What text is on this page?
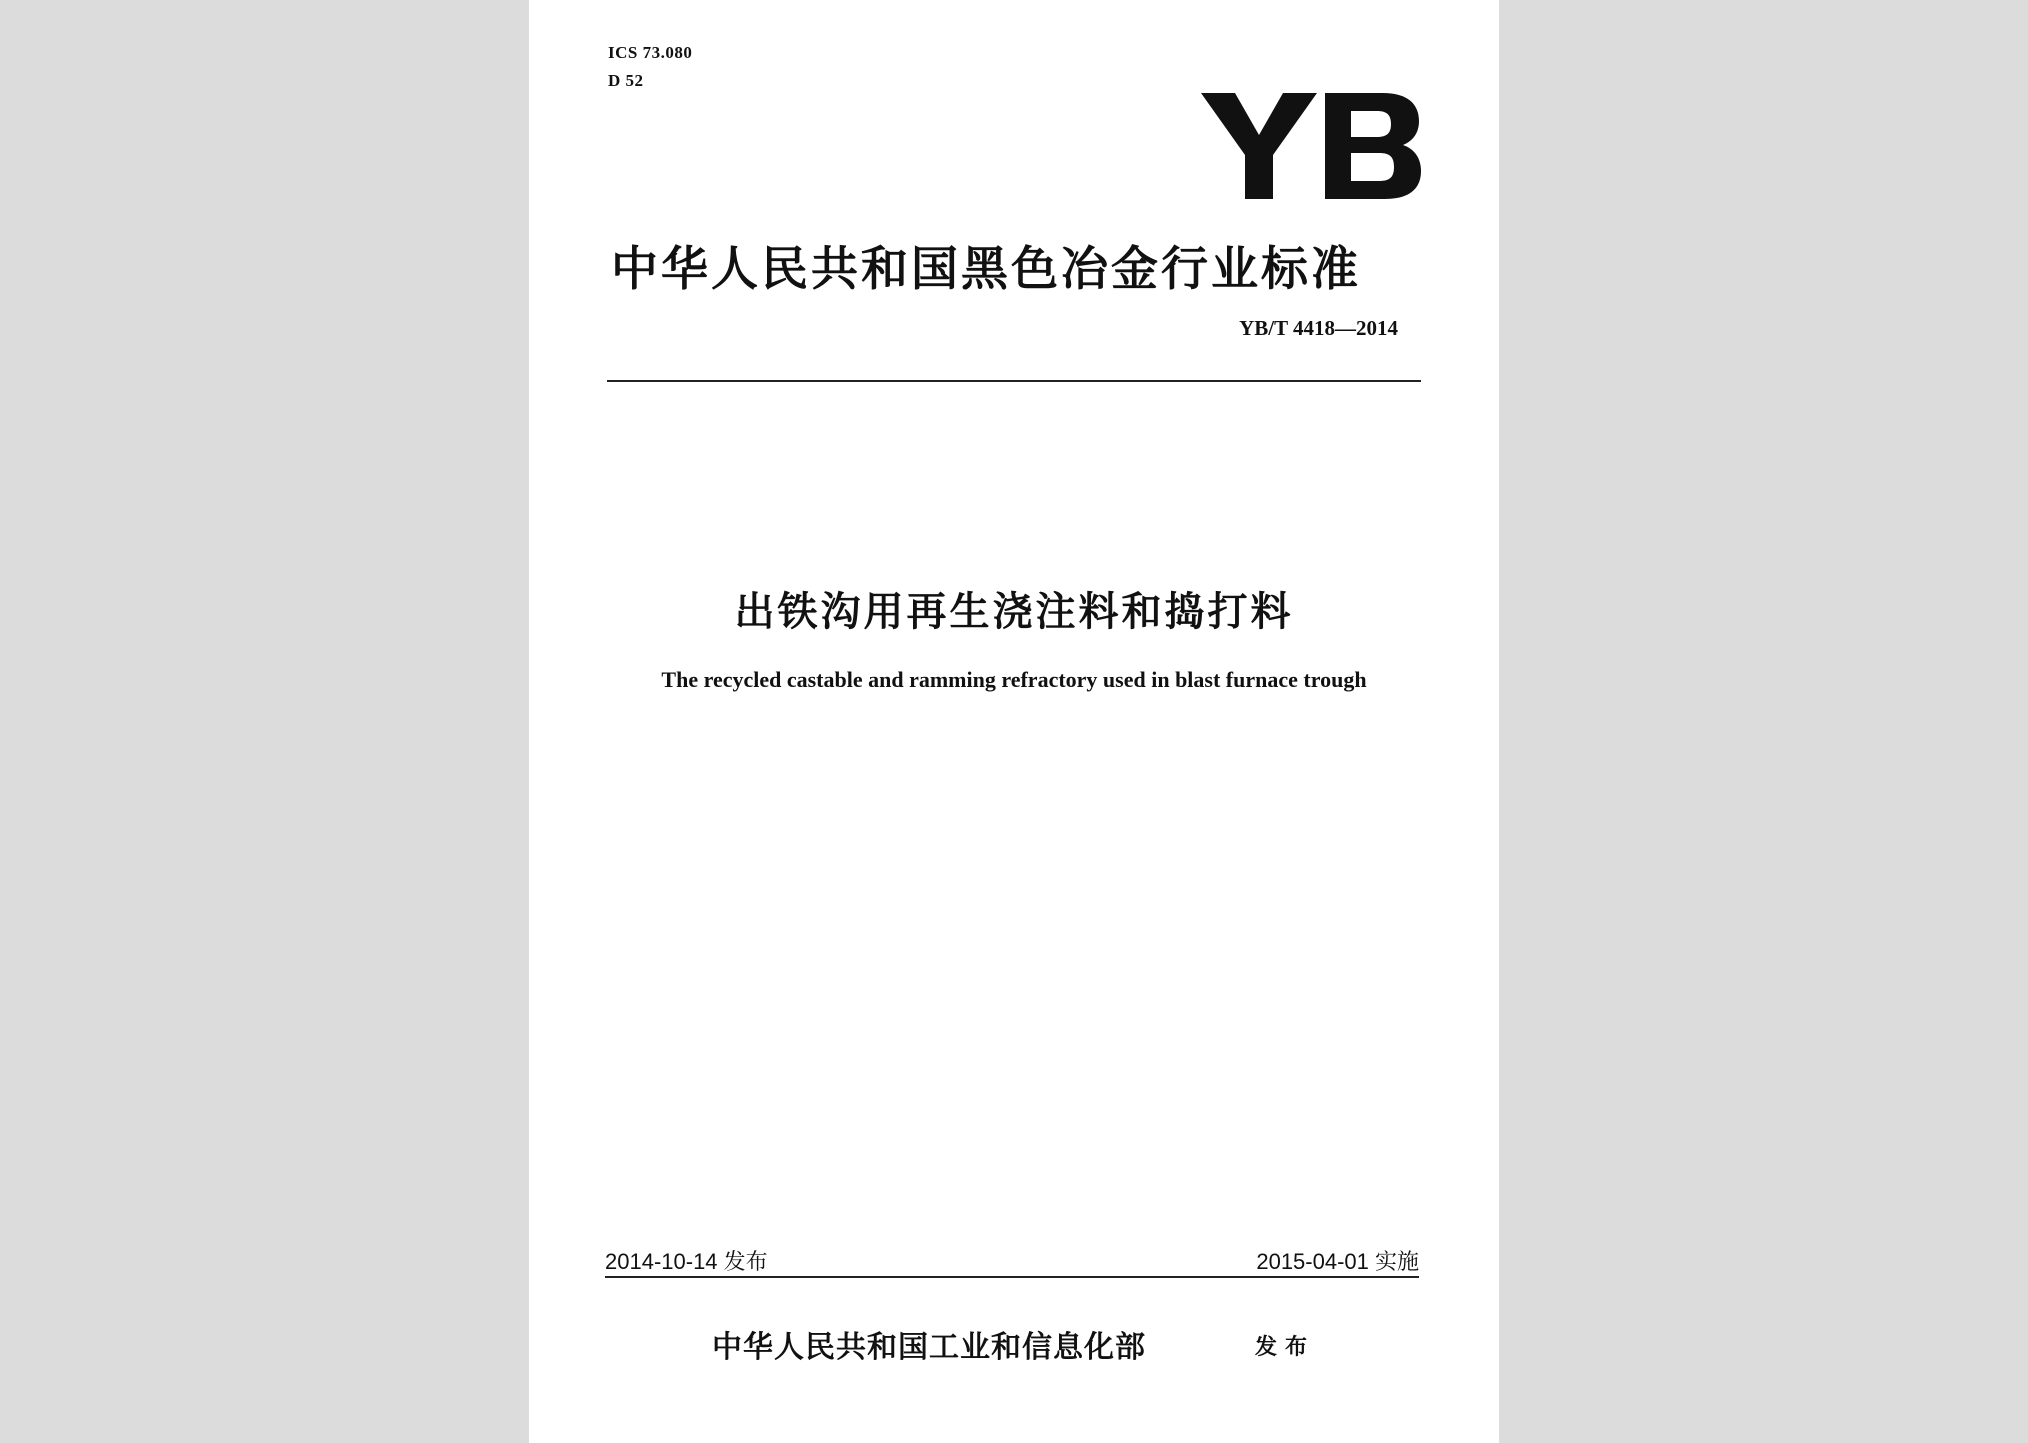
ICS 73.080
D 52
中华人民共和国黑色冶金行业标准
YB/T 4418—2014
出铁沟用再生浇注料和捣打料
The recycled castable and ramming refractory used in blast furnace trough
2014-10-14 发布	2015-04-01 实施
中华人民共和国工业和信息化部	发布
